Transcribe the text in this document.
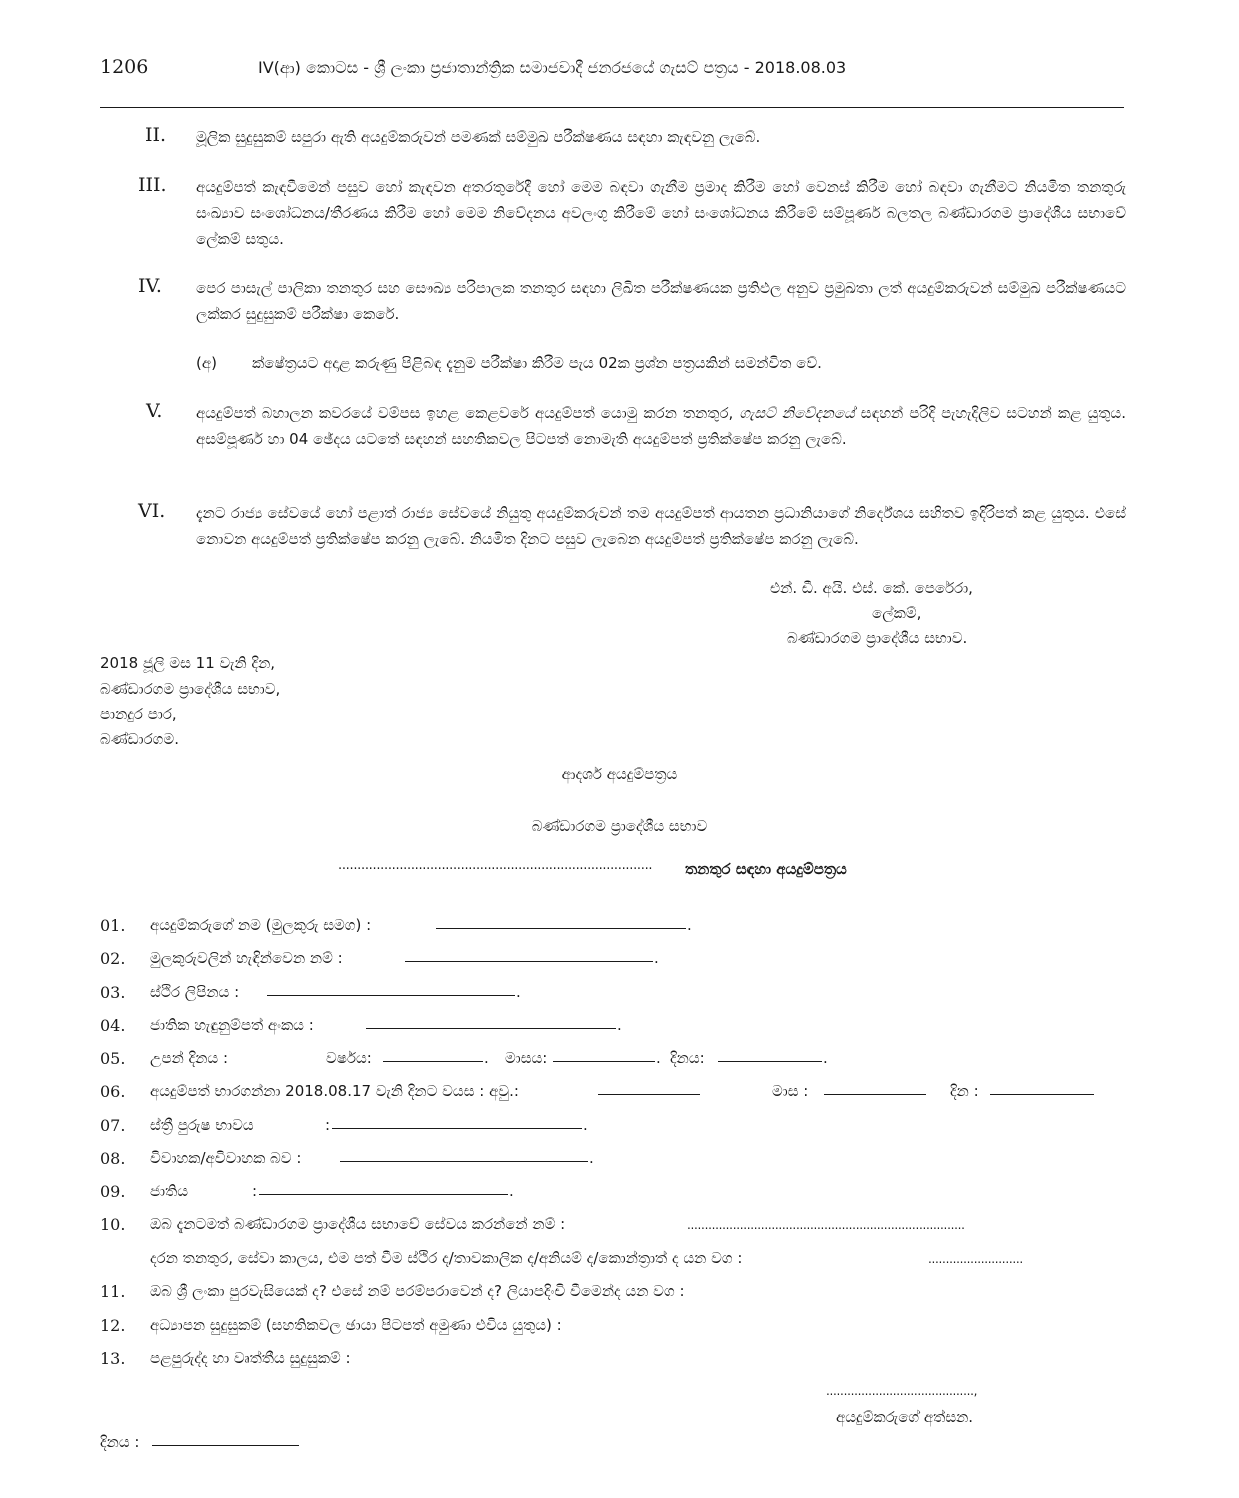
1206	IV(ආ) කොටස - ශ්‍රී ලංකා ප්‍රජාතාන්ත්‍රික සමාජවාදී ජනරජයේ ගැසට් පත්‍රය - 2018.08.03
II. මූලික සුදුසුකම් සපුරා ඇති අයදුම්කරුවන් පමණක් සම්මුඛ පරීක්ෂණය සඳහා කැඳවනු ලැබේ.
III. අයදුම්පත් කැඳවීමෙන් පසුව හෝ කැඳවන අතරතුරේදී හෝ මෙම බඳවා ගැනීම ප්‍රමාද කිරීම හෝ වෙනස් කිරීම හෝ බඳවා ගැනීමට නියමිත තනතුරු සංඛ්‍යාව සංශෝධනය/තීරණය කිරීම හෝ මෙම නිවේදනය අවලංගු කිරීමේ හෝ සංශෝධනය කිරීමේ සම්පූර්ණ බලතල බණ්ඩාරගම ප්‍රාදේශීය සභාවේ ලේකම් සතුය.
IV. පෙර පාසැල් පාලිකා තනතුර සහ සෞඛ්‍ය පරිපාලක තනතුර සඳහා ලිඛිත පරීක්ෂණයක ප්‍රතිඵල අනුව ප්‍රමුඛතා ලත් අයදුම්කරුවන් සම්මුඛ පරීක්ෂණයට ලක්කර සුදුසුකම් පරීක්ෂා කෙරේ.
(අ) ක්ෂේත්‍රයට අදාළ කරුණු පිළිබඳ දැනුම පරීක්ෂා කිරීම පැය 02ක ප්‍රශ්න පත්‍රයකින් සමන්විත වේ.
V. අයදුම්පත් බහාලන කවරයේ වම්පස ඉහළ කෙළවරේ අයදුම්පත් යොමු කරන තනතුර, ගැසට් නිවේදනයේ සඳහන් පරිදි පැහැදිලිව සටහන් කළ යුතුය. අසම්පූර්ණ හා 04 ඡේදය යටතේ සඳහන් සහතිකවල පිටපත් නොමැති අයදුම්පත් ප්‍රතික්ෂේප කරනු ලැබේ.
VI. දැනට රාජ්‍ය සේවයේ හෝ පළාත් රාජ්‍ය සේවයේ නියුතු අයදුම්කරුවන් තම අයදුම්පත් ආයතන ප්‍රධානියාගේ නිර්දේශය සහිතව ඉදිරිපත් කළ යුතුය. එසේ නොවන අයදුම්පත් ප්‍රතික්ෂේප කරනු ලැබේ. නියමිත දිනට පසුව ලැබෙන අයදුම්පත් ප්‍රතික්ෂේප කරනු ලැබේ.
එන්. ඩී. අයි. එස්. කේ. පෙරේරා,
ලේකම්,
බණ්ඩාරගම ප්‍රාදේශීය සභාව.
2018 ජූලි මස 11 වැනි දින,
බණ්ඩාරගම ප්‍රාදේශීය සභාව,
පානදුර පාර,
බණ්ඩාරගම.
ආදර්ශ අයදුම්පත්‍රය
බණ්ඩාරගම ප්‍රාදේශීය සභාව
.................................................................................. තනතුර සඳහා අයදුම්පත්‍රය
01. අයදුම්කරුගේ නම (මුලකුරු සමග) :	.
02. මුලකුරුවලින් හැඳින්වෙන නම් :	.
03. ස්ථිර ලිපිනය :	.
04. ජාතික හැඳුනුම්පත් අංකය :	.
05. උපන් දිනය :	වර්ෂය:	. මාසය:	. දිනය:	.
06. අයදුම්පත් භාරගන්නා 2018.08.17 වැනි දිනට වයස : අවු.:	මාස :	දින :
07. ස්ත්‍රී පුරුෂ භාවය	:	.
08. විවාහක/අවිවාහක බව :	.
09. ජාතිය	:	.
10. ඔබ දැනටමත් බණ්ඩාරගම ප්‍රාදේශීය සභාවේ සේවය කරන්නේ නම් :	...............................................................................
දරන තනතුර, සේවා කාලය, එම පත් වීම ස්ථිර ද/තාවකාලික ද/අනියම් ද/කොන්ත්‍රාත් ද යන වග :	...........................
11. ඔබ ශ්‍රී ලංකා පුරවැසියෙක් ද? එසේ නම් පරම්පරාවෙන් ද? ලියාපදිංචි වීමෙන්ද යන වග :
12. අධ්‍යාපන සුදුසුකම් (සහතිකවල ඡායා පිටපත් අමුණා එවිය යුතුය) :
13. පළපුරුද්ද හා වෘත්තීය සුදුසුකම් :
..........................................,
අයදුම්කරුගේ අත්සන.
දිනය :
